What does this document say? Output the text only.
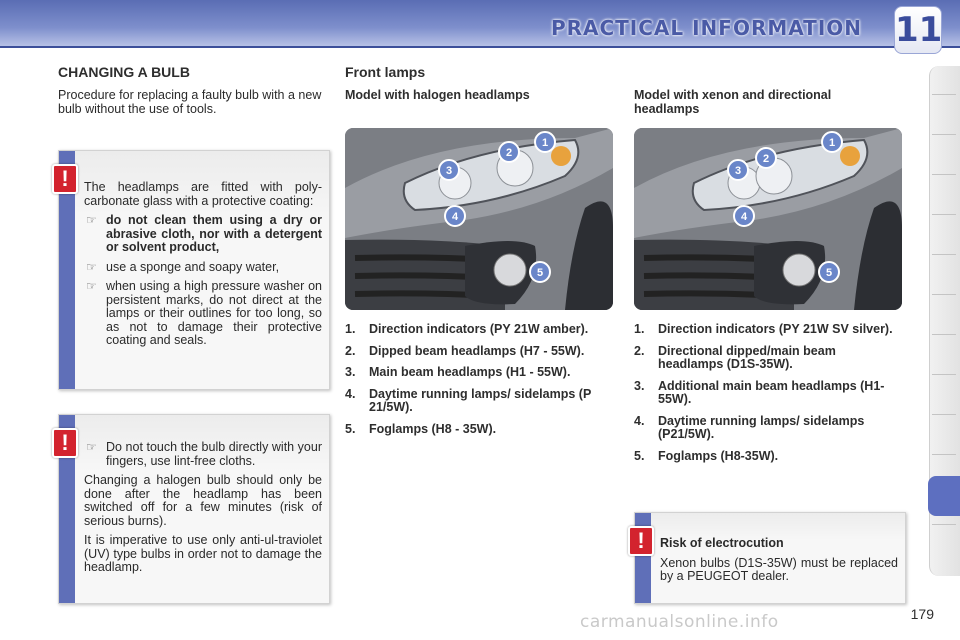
PRACTICAL INFORMATION 11
CHANGING A BULB
Procedure for replacing a faulty bulb with a new bulb without the use of tools.

The headlamps are fitted with poly-carbonate glass with a protective coating:

☞ do not clean them using a dry or abrasive cloth, nor with a detergent or solvent product,
☞ use a sponge and soapy water,
☞ when using a high pressure washer on persistent marks, do not direct at the lamps or their outlines for too long, so as not to damage their protective coating and seals.
!
☞ Do not touch the bulb directly with your fingers, use lint-free cloths.

Changing a halogen bulb should only be done after the headlamp has been switched off for a few minutes (risk of serious burns).

It is imperative to use only anti-ul-traviolet (UV) type bulbs in order not to damage the headlamp.

!
Front lamps
Model with halogen headlamps	Model with xenon and directional headlamps
1
2
3
4
5
1
2
3
4
5
1. Direction indicators (PY 21W amber).
2. Dipped beam headlamps (H7 - 55W).
3. Main beam headlamps (H1 - 55W).
4. Daytime running lamps/ sidelamps (P 21/5W).
5. Foglamps (H8 - 35W).
1. Direction indicators (PY 21W SV silver).
2. Directional dipped/main beam headlamps (D1S-35W).
3. Additional main beam headlamps (H1-55W).
4. Daytime running lamps/ sidelamps (P21/5W).
5. Foglamps (H8-35W).

Risk of electrocution

Xenon bulbs (D1S-35W) must be replaced by a PEUGEOT dealer.

!
179
carmanualsonline.info
